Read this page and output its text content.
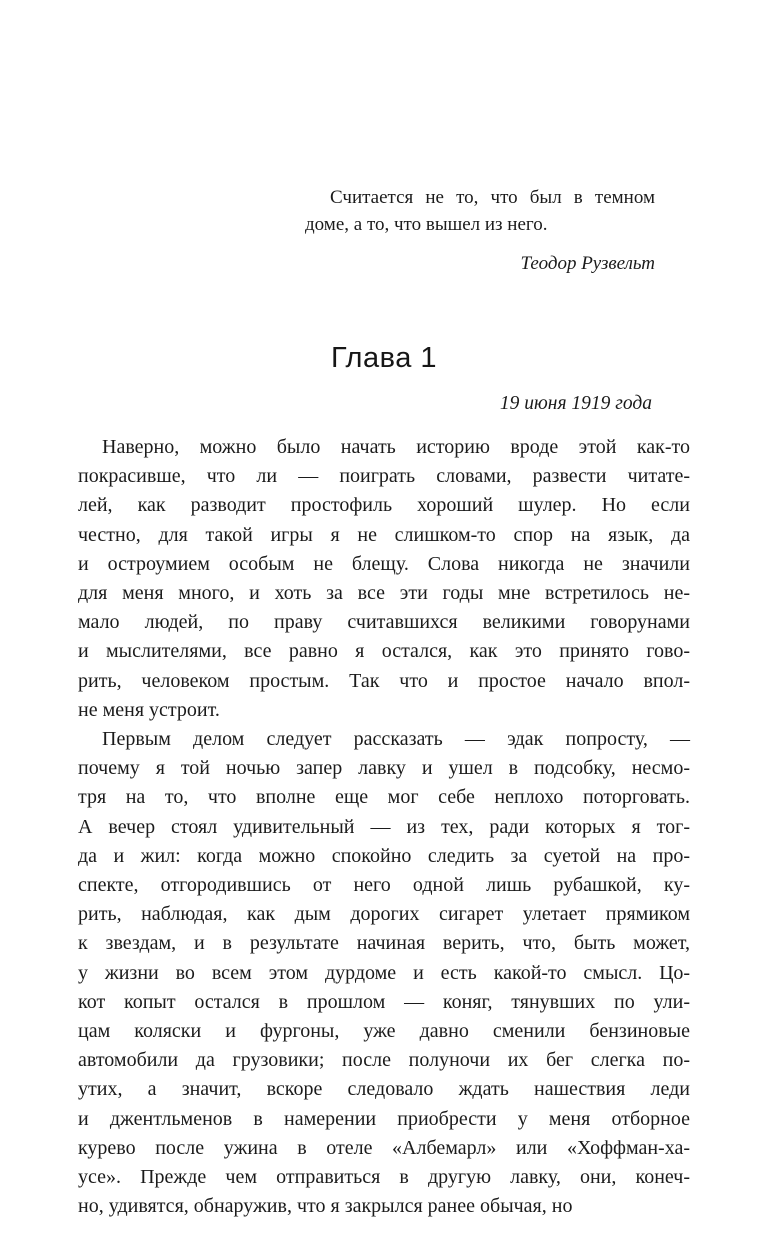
Считается не то, что был в темном
доме, а то, что вышел из него.
Теодор Рузвельт
Глава 1
19 июня 1919 года
Наверно, можно было начать историю вроде этой как-то
покрасивше, что ли — поиграть словами, развести читате-
лей, как разводит простофиль хороший шулер. Но если
честно, для такой игры я не слишком-то спор на язык, да
и остроумием особым не блещу. Слова никогда не значили
для меня много, и хоть за все эти годы мне встретилось не-
мало людей, по праву считавшихся великими говорунами
и мыслителями, все равно я остался, как это принято гово-
рить, человеком простым. Так что и простое начало впол-
не меня устроит.
Первым делом следует рассказать — эдак попросту, —
почему я той ночью запер лавку и ушел в подсобку, несмо-
тря на то, что вполне еще мог себе неплохо поторговать.
А вечер стоял удивительный — из тех, ради которых я тог-
да и жил: когда можно спокойно следить за суетой на про-
спекте, отгородившись от него одной лишь рубашкой, ку-
рить, наблюдая, как дым дорогих сигарет улетает прямиком
к звездам, и в результате начиная верить, что, быть может,
у жизни во всем этом дурдоме и есть какой-то смысл. Цо-
кот копыт остался в прошлом — коняг, тянувших по ули-
цам коляски и фургоны, уже давно сменили бензиновые
автомобили да грузовики; после полуночи их бег слегка по-
утих, а значит, вскоре следовало ждать нашествия леди
и джентльменов в намерении приобрести у меня отборное
курево после ужина в отеле «Албемарл» или «Хоффман-ха-
усе». Прежде чем отправиться в другую лавку, они, конеч-
но, удивятся, обнаружив, что я закрылся ранее обычая, но
